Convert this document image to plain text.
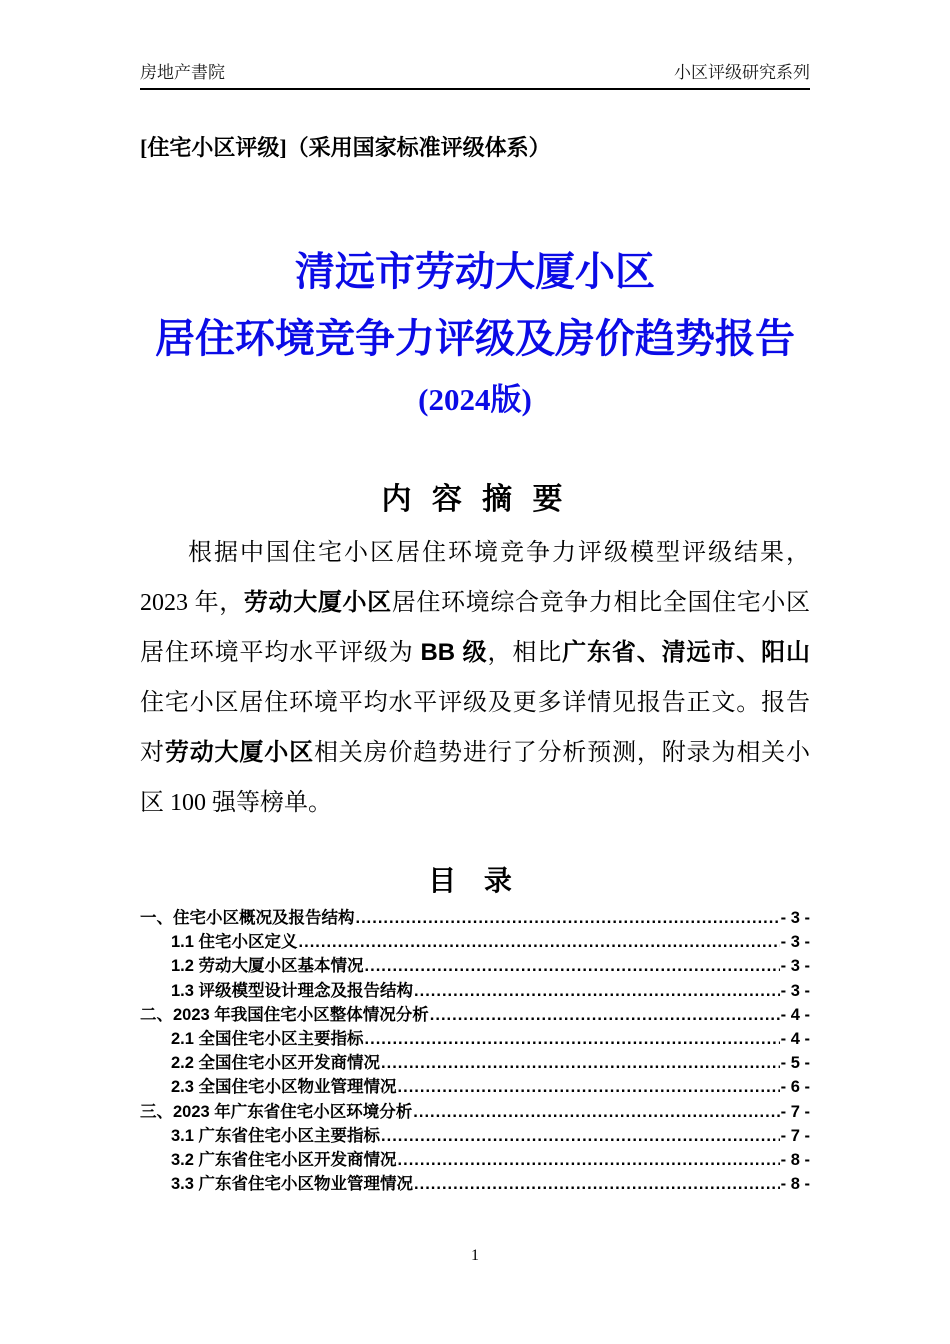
房地产書院	小区评级研究系列
[住宅小区评级]（采用国家标准评级体系）
清远市劳动大厦小区
居住环境竞争力评级及房价趋势报告
(2024版)
内 容 摘 要

根据中国住宅小区居住环境竞争力评级模型评级结果，2023 年，劳动大厦小区居住环境综合竞争力相比全国住宅小区居住环境平均水平评级为 BB 级，相比广东省、清远市、阳山住宅小区居住环境平均水平评级及更多详情见报告正文。报告对劳动大厦小区相关房价趋势进行了分析预测，附录为相关小区 100 强等榜单。

目 录
一、住宅小区概况及报告结构 .....	- 3 -
1.1 住宅小区定义 .....	- 3 -
1.2 劳动大厦小区基本情况 .....	- 3 -
1.3 评级模型设计理念及报告结构 .....	- 3 -
二、2023 年我国住宅小区整体情况分析 .....	- 4 -
2.1 全国住宅小区主要指标 .....	- 4 -
2.2 全国住宅小区开发商情况 .....	- 5 -
2.3 全国住宅小区物业管理情况 .....	- 6 -
三、2023 年广东省住宅小区环境分析 .....	- 7 -
3.1 广东省住宅小区主要指标 .....	- 7 -
3.2 广东省住宅小区开发商情况 .....	- 8 -
3.3 广东省住宅小区物业管理情况 .....	- 8 -
1
